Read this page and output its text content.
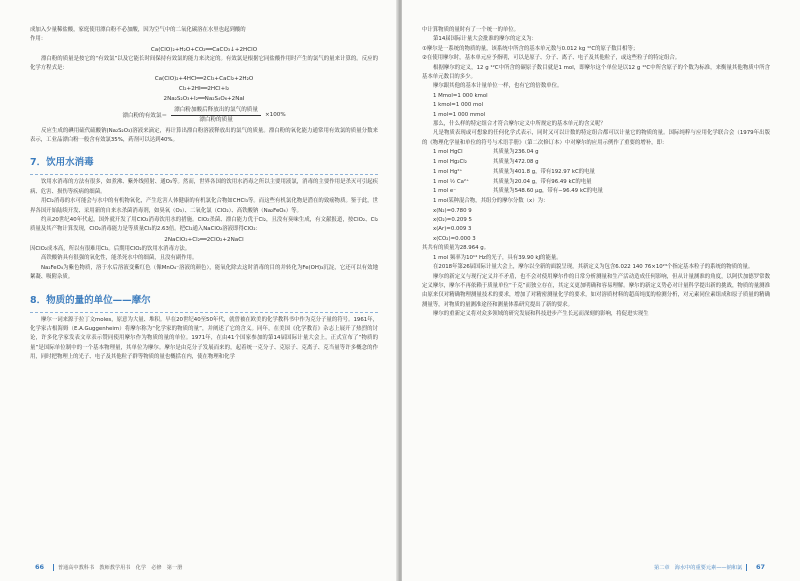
成加入少量稀盐酸，家庭使用漂白粉不必加酸，因为空气中的二氧化碳溶在水里也起到酸的

作用：

Ca(ClO)₂+H₂O+CO₂══CaCO₃↓+2HClO

漂白粉的质量是按它的“有效氯”以及它能长时间保持有效氯的能力来决定的。有效氯是根据它同盐酸作用时产生的氯气的量来计算的。反应的化学方程式是：

Ca(ClO)₂+4HCl══2Cl₂+CaCl₂+2H₂O

Cl₂+2HI══2HCl+I₂

2Na₂S₂O₃+I₂══Na₂S₄O₆+2NaI

漂白粉的有效氯＝
漂白粉加酸后释放出的氯气的质量
漂白粉的质量
×100%

反应生成的碘用硫代硫酸钠(Na₂S₂O₃)溶液来滴定，再计算出漂白粉溶液释放出的氯气的质量。漂白粉的氧化能力通常用有效氯的质量分数来表示，工业品漂白粉一般含有效氯35%，药剂可以达到40%。

7．饮用水消毒

饮用水消毒的方法有很多，如煮沸、紫外线照射、通O₃等。然而，世界各国的饮用水消毒之所以主要用液氯，消毒的主要作用是杀灭可引起疾病、危害、损伤等疾病的细菌。

用Cl₂消毒的水可能会与水中的有机物氧化，产生危害人体健康的有机氯化合物如CHCl₃等。而这些有机氯化物是潜在的致癌物质。鉴于此，世界各国开始陆续开发、采用新的自来水杀菌消毒剂，如臭氧（O₃）、二氧化氯（ClO₂）、高铁酸钠（Na₂FeO₄）等。

约从20世纪40年代起，国外就开发了用ClO₂消毒饮用水的措施。ClO₂杀菌、漂白能力优于Cl₂，且没有臭味生成，有文献报道，按ClO₂、Cl₂质量及其产物计算发现，ClO₂消毒能力是等质量Cl₂的2.63倍。把Cl₂通入NaClO₂溶液即得ClO₂：

2NaClO₂+Cl₂══2ClO₂+2NaCl

因ClO₂成本高，所以有很难用Cl₂。后期用ClO₂的饮用水消毒方法。

高铁酸钠具有很强的氧化性，能杀死水中的细菌，且没有副作用。

Na₂FeO₄为紫色物质，溶于水后溶液变紫红色（像MnO₄⁻溶液的颜色），能氧化除去这时消毒的目的并转化为Fe(OH)₃沉淀，它还可以有效地絮凝、吸附杂质。

8．物质的量的单位——摩尔

摩尔一词来源于拉丁文moles，原意为大量、堆积。早在20世纪40至50年代，就曾被在欧美的化学教科书中作为克分子量的符号。1961年，化学家古根海姆（E.A.Guggenheim）将摩尔称为“化学家的物质的量”，并阐述了它的含义。同年，在美国《化学教育》杂志上展开了热烈的讨论，许多化学家发表文章表示赞同使用摩尔作为物质的量的单位。1971年，在由41个国家参加的第14届国际计量大会上，正式宣布了“物质的量”是国际单位制中的一个基本物理量，其单位为摩尔。摩尔是由克分子发展而来的，起着统一克分子、克原子、克离子、克当量等许多概念的作用，同时把物理上的光子、电子及其他粒子群等物质的量也概括在内，使在物理和化学

66	普通高中教科书　教师教学用书　化学　必修　第一册

中计算物质的量时有了一个统一的单位。

第14届国际计量大会批准的摩尔的定义为：

①摩尔是一系统的物质的量，该系统中所含的基本单元数与0.012 kg ¹²C的原子数目相等；

②在使用摩尔时，基本单元应予指明，可以是原子、分子、离子、电子及其他粒子，或这些粒子的特定组合。

根据摩尔的定义，12 g ¹²C中所含的碳原子数目就是1 mol，即摩尔这个单位是以12 g ¹²C中所含原子的个数为标准，来衡量其他物质中所含基本单元数目的多少。

摩尔跟其他的基本计量单位一样，也有它的倍数单位。

1 Mmol=1 000 kmol

1 kmol=1 000 mol

1 mol=1 000 mmol

那么，什么样的特定组合才符合摩尔定义中所规定的基本单元的含义呢？

凡是物质表现或可想象的任何化学式表示，同时又可以计数的特定组合都可以计量它的物质的量。国际纯粹与应用化学联合会（1979年出版的《物理化学量和单位的符号与术语手册》（第二次修订本）中对摩尔的应用示例作了重要的增补，即：

1 mol HgCl	其质量为236.04 g
1 mol Hg₂Cl₂	其质量为472.08 g
1 mol Hg²⁺	其质量为401.8 g，带有192.97 kC的电量
1 mol ½ Ca²⁺	其质量为20.04 g，带有96.49 kC的电量
1 mol e⁻	其质量为548.60 μg，带有−96.49 kC的电量

1 mol某种混合物，其组分的摩尔分数（x）为：

x(N₂)=0.780 9

x(O₂)=0.209 5

x(Ar)=0.009 3

x(CO₂)=0.000 3

其共有的质量为28.964 g。

1 mol 频率为10¹⁴ Hz的光子，具有39.90 kJ的能量。

在2018年第26届国际计量大会上，摩尔以全新的面貌呈现，其新定义为包含6.022 140 76×10²³个指定基本粒子的系统的物质的量。

摩尔的新定义与现行定义并不矛盾，也不会对使用摩尔作的日常分析测量和生产活动造成任何影响，但从计量测准的角度，以阿伏加德罗常数定义摩尔，摩尔不再依赖于质量单位“千克”而独立存在，其定义更加明确和容易理解。摩尔的新定义势必对计量科学提出新的挑战，物质的量测准由原来仅对精确物理测量技术的要求，增加了对精密测量化学的要求，如对溶质材料的超高纯度的检测分析，对元素同位素组成和原子质量的精确测量等，对物质的量测准途径和测量体系研究提出了新的要求。

摩尔的重新定义将对众多领域的研究发展和科技进步产生长远而深刻的影响，将促进实现生

第二章　海水中的重要元素——钠和氯 67
